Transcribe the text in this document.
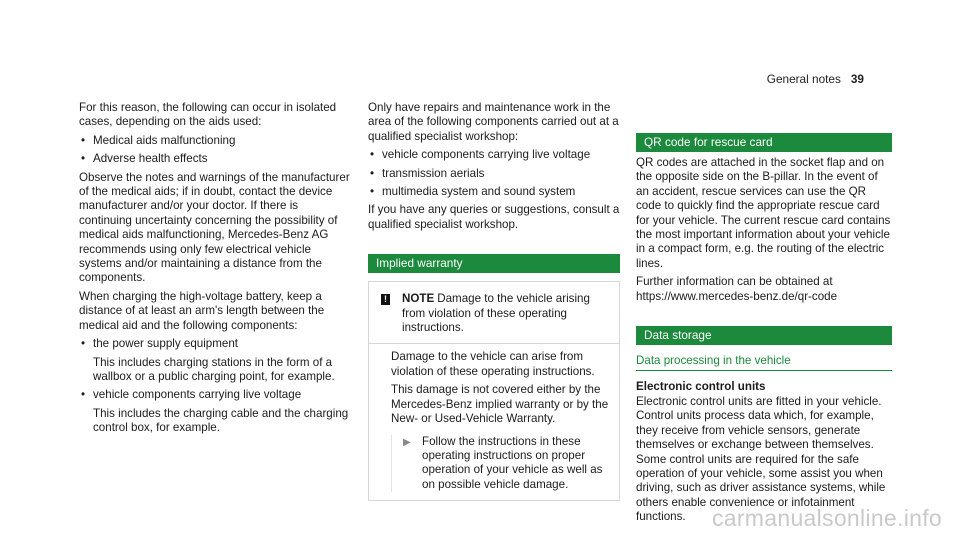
General notes 39

For this reason, the following can occur in isolated cases, depending on the aids used:

• Medical aids malfunctioning
• Adverse health effects

Observe the notes and warnings of the manufacturer of the medical aids; if in doubt, contact the device manufacturer and/or your doctor. If there is continuing uncertainty concerning the possibility of medical aids malfunctioning, Mercedes-Benz AG recommends using only few electrical vehicle systems and/or maintaining a distance from the components.

When charging the high-voltage battery, keep a distance of at least an arm's length between the medical aid and the following components:

• the power supply equipment
This includes charging stations in the form of a wallbox or a public charging point, for example.
• vehicle components carrying live voltage
This includes the charging cable and the charging control box, for example.

Only have repairs and maintenance work in the area of the following components carried out at a qualified specialist workshop:

• vehicle components carrying live voltage
• transmission aerials
• multimedia system and sound system

If you have any queries or suggestions, consult a qualified specialist workshop.

Implied warranty
! NOTE Damage to the vehicle arising from violation of these operating instructions.

Damage to the vehicle can arise from violation of these operating instructions.

This damage is not covered either by the Mercedes-Benz implied warranty or by the New- or Used-Vehicle Warranty.

▶ Follow the instructions in these operating instructions on proper operation of your vehicle as well as on possible vehicle damage.
QR code for rescue card

QR codes are attached in the socket flap and on the opposite side on the B-pillar. In the event of an accident, rescue services can use the QR code to quickly find the appropriate rescue card for your vehicle. The current rescue card contains the most important information about your vehicle in a compact form, e.g. the routing of the electric lines.

Further information can be obtained at https://www.mercedes-benz.de/qr-code

Data storage
Data processing in the vehicle

Electronic control units

Electronic control units are fitted in your vehicle. Control units process data which, for example, they receive from vehicle sensors, generate themselves or exchange between themselves. Some control units are required for the safe operation of your vehicle, some assist you when driving, such as driver assistance systems, while others enable convenience or infotainment functions.	carmanualsonline.info
